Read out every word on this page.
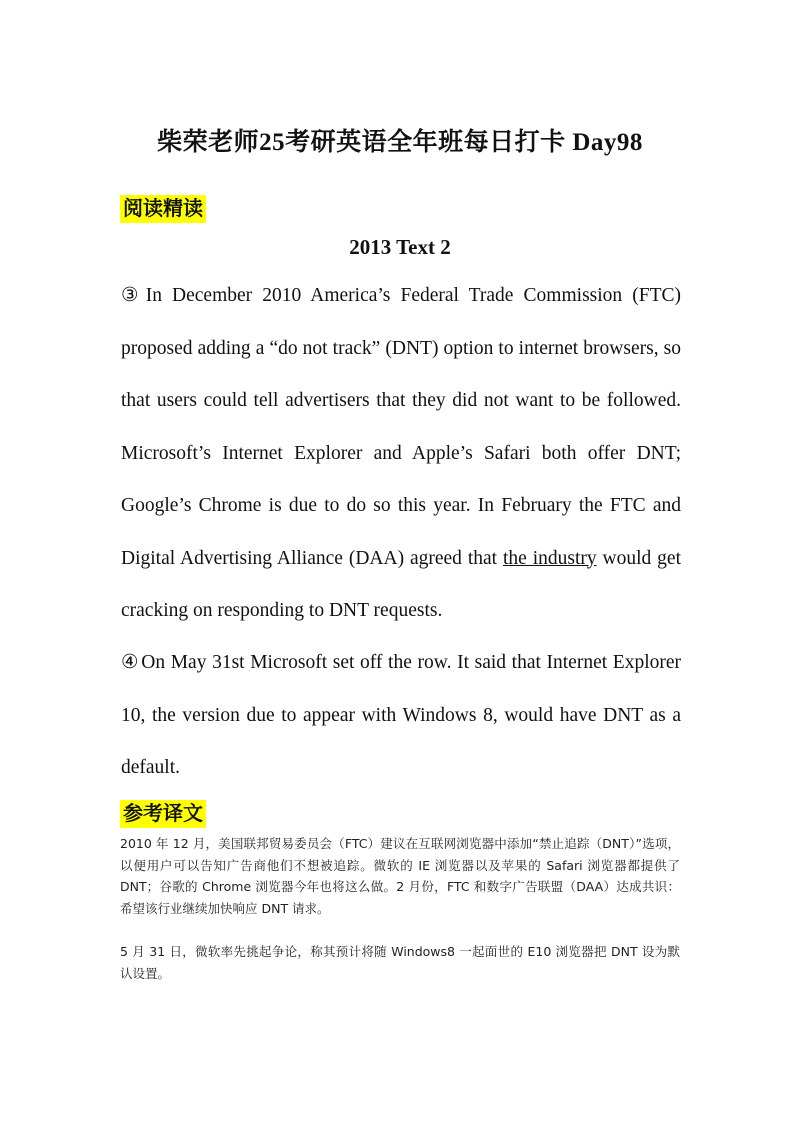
柴荣老师25考研英语全年班每日打卡 Day98
阅读精读
2013 Text 2
③ In December 2010 America’s Federal Trade Commission (FTC) proposed adding a “do not track” (DNT) option to internet browsers, so that users could tell advertisers that they did not want to be followed. Microsoft’s Internet Explorer and Apple’s Safari both offer DNT; Google’s Chrome is due to do so this year. In February the FTC and Digital Advertising Alliance (DAA) agreed that the industry would get cracking on responding to DNT requests.
④ On May 31st Microsoft set off the row. It said that Internet Explorer 10, the version due to appear with Windows 8, would have DNT as a default.
参考译文
2010 年 12 月，美国联邦贸易委员会（FTC）建议在互联网浏览器中添加“禁止追踪（DNT）”选项，以便用户可以告知广告商他们不想被追踪。微软的 IE 浏览器以及苹果的 Safari 浏览器都提供了 DNT；谷歌的 Chrome 浏览器今年也将这么做。2 月份，FTC 和数字广告联盟（DAA）达成共识：希望该行业继续加快响应 DNT 请求。
5 月 31 日，微软率先挑起争论，称其预计将随 Windows8 一起面世的 E10 浏览器把 DNT 设为默认设置。
